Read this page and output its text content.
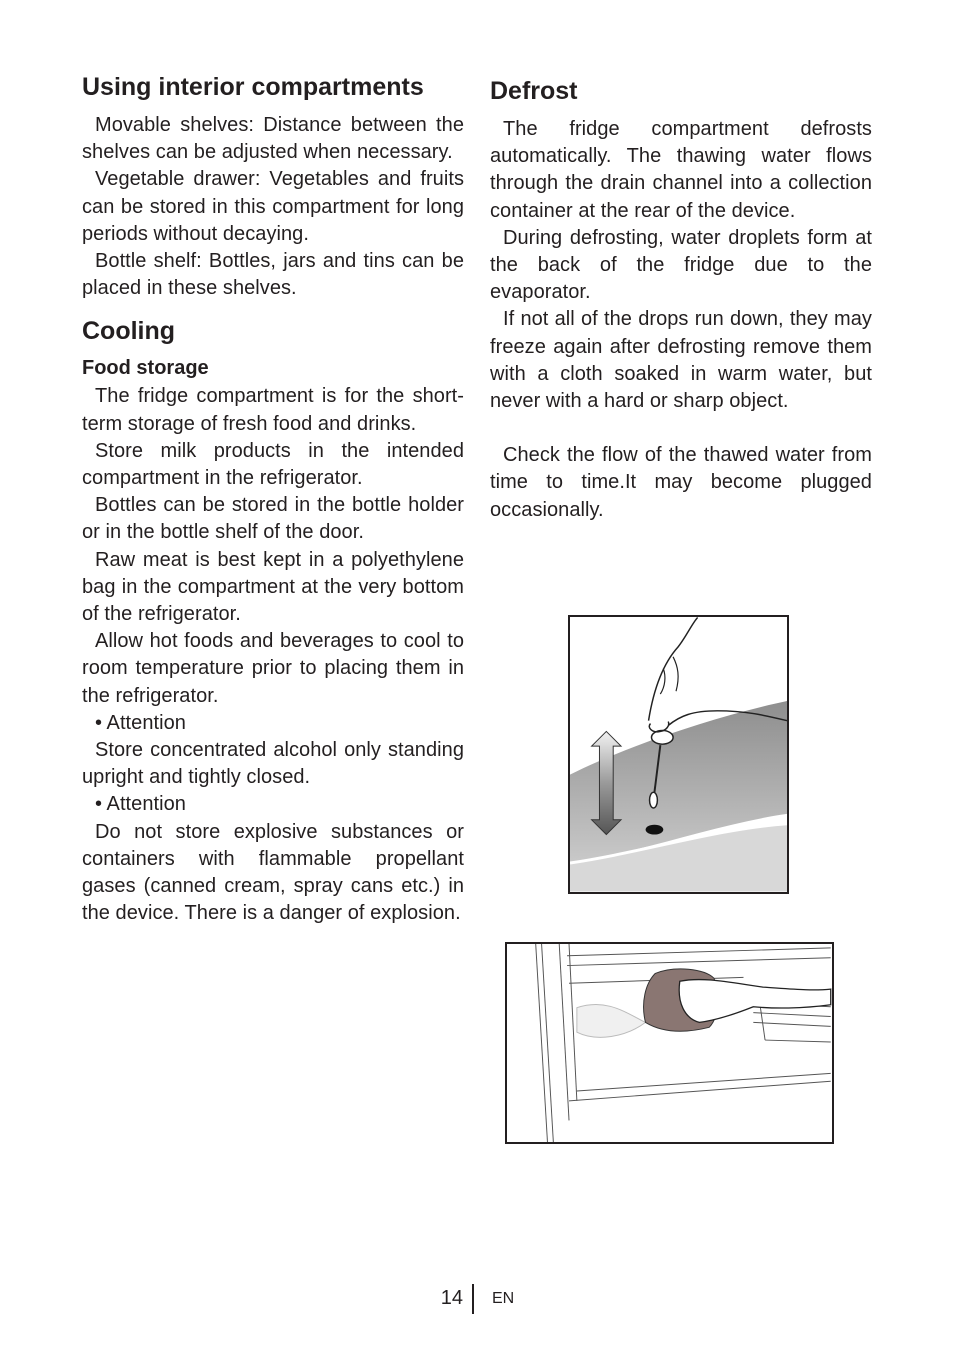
Using interior compartments

Movable shelves: Distance between the shelves can be adjusted when necessary.

Vegetable drawer: Vegetables and fruits can be stored in this compartment for long periods without decaying.

Bottle shelf: Bottles, jars and tins can be placed in these shelves.

Cooling
Food storage

The fridge compartment is for the short-term storage of fresh food and drinks.

Store milk products in the intended compartment in the refrigerator.

Bottles can be stored in the bottle holder or in the bottle shelf of the door.

Raw meat is best kept in a polyethylene bag in the compartment at the very bottom of the refrigerator.

Allow hot foods and beverages to cool to room temperature prior to placing them in the refrigerator.

• Attention

Store concentrated alcohol only standing upright and tightly closed.

• Attention

Do not store explosive substances or containers with flammable propellant gases (canned cream, spray cans etc.) in the device. There is a danger of explosion.

Defrost

The fridge compartment defrosts automatically. The thawing water flows through the drain channel into a collection container at the rear of the device.

During defrosting, water droplets form at the back of the fridge due to the evaporator.

If not all of the drops run down, they may freeze again after defrosting remove them with a cloth soaked in warm water, but never with a hard or sharp object.

Check the flow of the thawed water from time to time.It may become plugged occasionally.

14 EN
